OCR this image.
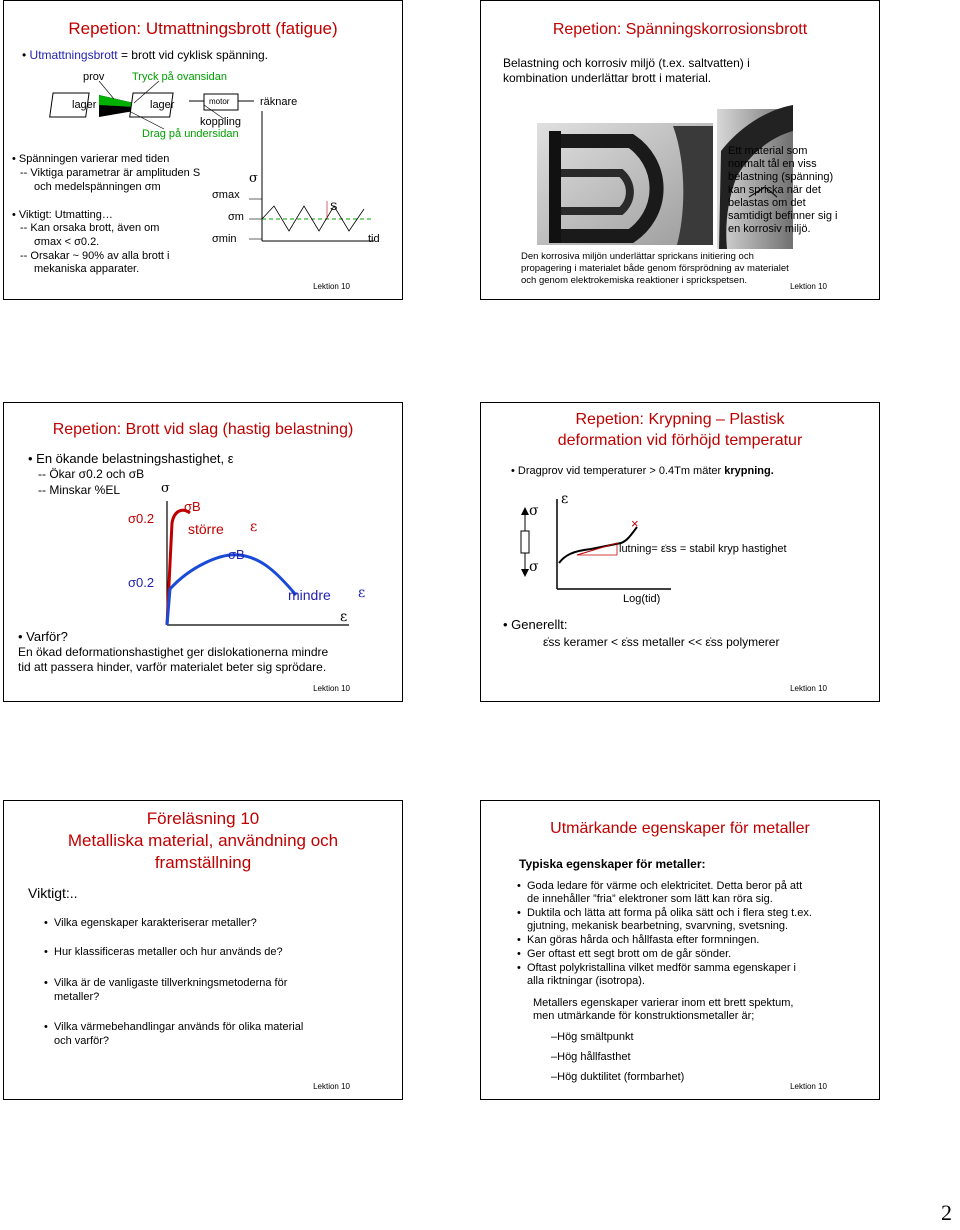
Repetion: Utmattningsbrott (fatigue)
• Utmattningsbrott = brott vid cyklisk spänning.
prov	Tryck på ovansidan
lager	lager	motor	räknare
koppling
Drag på undersidan
• Spänningen varierar med tiden
-- Viktiga parametrar är amplituden S
och medelspänningen σm
• Viktigt: Utmatting…
-- Kan orsaka brott, även om
σmax < σ0.2.
-- Orsakar ~ 90% av alla brott i
mekaniska apparater.
σ
σmax
σm
σmin
S
tid
Lektion 10
Repetion: Spänningskorrosionsbrott
Belastning och korrosiv miljö (t.ex. saltvatten) i
kombination underlättar brott i material.
Ett material som
normalt tål en viss
belastning (spänning)
kan spricka när det
belastas om det
samtidigt befinner sig i
en korrosiv miljö.
Den korrosiva miljön underlättar sprickans initiering och
propagering i materialet både genom försprödning av materialet
och genom elektrokemiska reaktioner i sprickspetsen.
Lektion 10
Repetion: Brott vid slag (hastig belastning)
• En ökande belastningshastighet, ε
-- Ökar σ0.2 och σB
-- Minskar %EL	σ
σ0.2
σB
större ε
σB
σ0.2
mindre ε
ε
• Varför?
En ökad deformationshastighet ger dislokationerna mindre
tid att passera hinder, varför materialet beter sig sprödare.
Lektion 10
Repetion: Krypning – Plastisk
deformation vid förhöjd temperatur
• Dragprov vid temperaturer > 0.4Tm mäter krypning.
×
σ
σ
ε
lutning= ε̇ss = stabil kryp hastighet
Log(tid)
• Generellt:
ε̇ss keramer < ε̇ss metaller << ε̇ss polymerer
Lektion 10
Föreläsning 10
Metalliska material, användning och
framställning
Viktigt:..
• Vilka egenskaper karakteriserar metaller?
• Hur klassificeras metaller och hur används de?
• Vilka är de vanligaste tillverkningsmetoderna för
metaller?
• Vilka värmebehandlingar används för olika material
och varför?
Lektion 10
Utmärkande egenskaper för metaller
Typiska egenskaper för metaller:
• Goda ledare för värme och elektricitet. Detta beror på att
de innehåller ”fria” elektroner som lätt kan röra sig.
• Duktila och lätta att forma på olika sätt och i flera steg t.ex.
gjutning, mekanisk bearbetning, svarvning, svetsning.
• Kan göras hårda och hållfasta efter formningen.
• Ger oftast ett segt brott om de går sönder.
• Oftast polykristallina vilket medför samma egenskaper i
alla riktningar (isotropa).
Metallers egenskaper varierar inom ett brett spektum,
men utmärkande för konstruktionsmetaller är;
–Hög smältpunkt
–Hög hållfasthet
–Hög duktilitet (formbarhet)
Lektion 10
2
